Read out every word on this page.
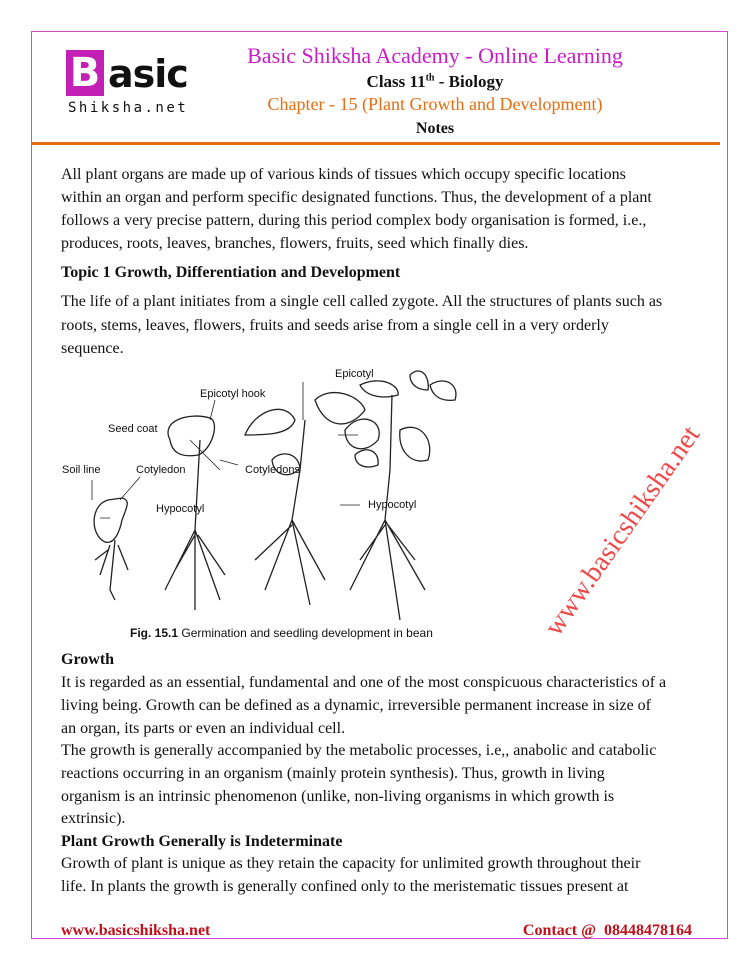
B asic
Shiksha.net
Basic Shiksha Academy - Online Learning
Class 11th - Biology
Chapter - 15 (Plant Growth and Development)
Notes
All plant organs are made up of various kinds of tissues which occupy specific locations
within an organ and perform specific designated functions. Thus, the development of a plant
follows a very precise pattern, during this period complex body organisation is formed, i.e.,
produces, roots, leaves, branches, flowers, fruits, seed which finally dies.
Topic 1 Growth, Differentiation and Development
The life of a plant initiates from a single cell called zygote. All the structures of plants such as
roots, stems, leaves, flowers, fruits and seeds arise from a single cell in a very orderly
sequence.
Soil line	Cotyledon
Hypocotyl
Seed coat
Epicotyl hook
Cotyledons
Epicotyl
Hypocotyl
Fig. 15.1 Germination and seedling development in bean
Growth
It is regarded as an essential, fundamental and one of the most conspicuous characteristics of a
living being. Growth can be defined as a dynamic, irreversible permanent increase in size of
an organ, its parts or even an individual cell.
The growth is generally accompanied by the metabolic processes, i.e,, anabolic and catabolic
reactions occurring in an organism (mainly protein synthesis). Thus, growth in living
organism is an intrinsic phenomenon (unlike, non-living organisms in which growth is
extrinsic).
Plant Growth Generally is Indeterminate
Growth of plant is unique as they retain the capacity for unlimited growth throughout their
life. In plants the growth is generally confined only to the meristematic tissues present at
www.basicshiksha.net	Contact @  08448478164
www.basicshiksha.net
